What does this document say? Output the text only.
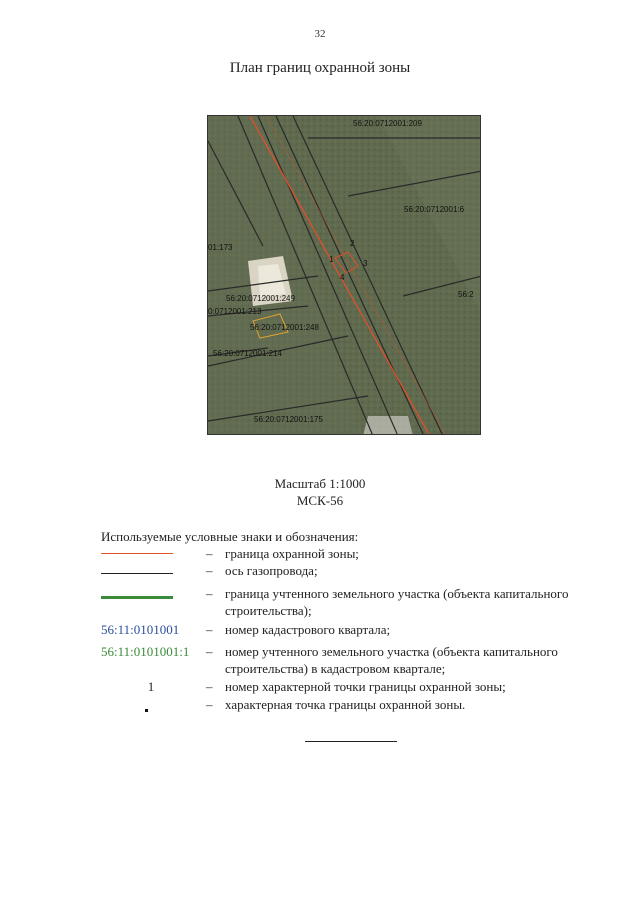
32
План границ охранной зоны
56:20:0712001:209
56:20:0712001:6
01:173
56:2
56:20:0712001:249
0:0712001:213
56:20:0712001:248
56:20:0712001:214
56:20:0712001:175
1
2
3
4
Масштаб 1:1000
МСК-56
Используемые условные знаки и обозначения:
– граница охранной зоны;
– ось газопровода;
– граница учтенного земельного участка (объекта капитального строительства);
56:11:0101001	– номер кадастрового квартала;
56:11:0101001:1	– номер учтенного земельного участка (объекта капитального строительства) в кадастровом квартале;
1	– номер характерной точки границы охранной зоны;
– характерная точка границы охранной зоны.
